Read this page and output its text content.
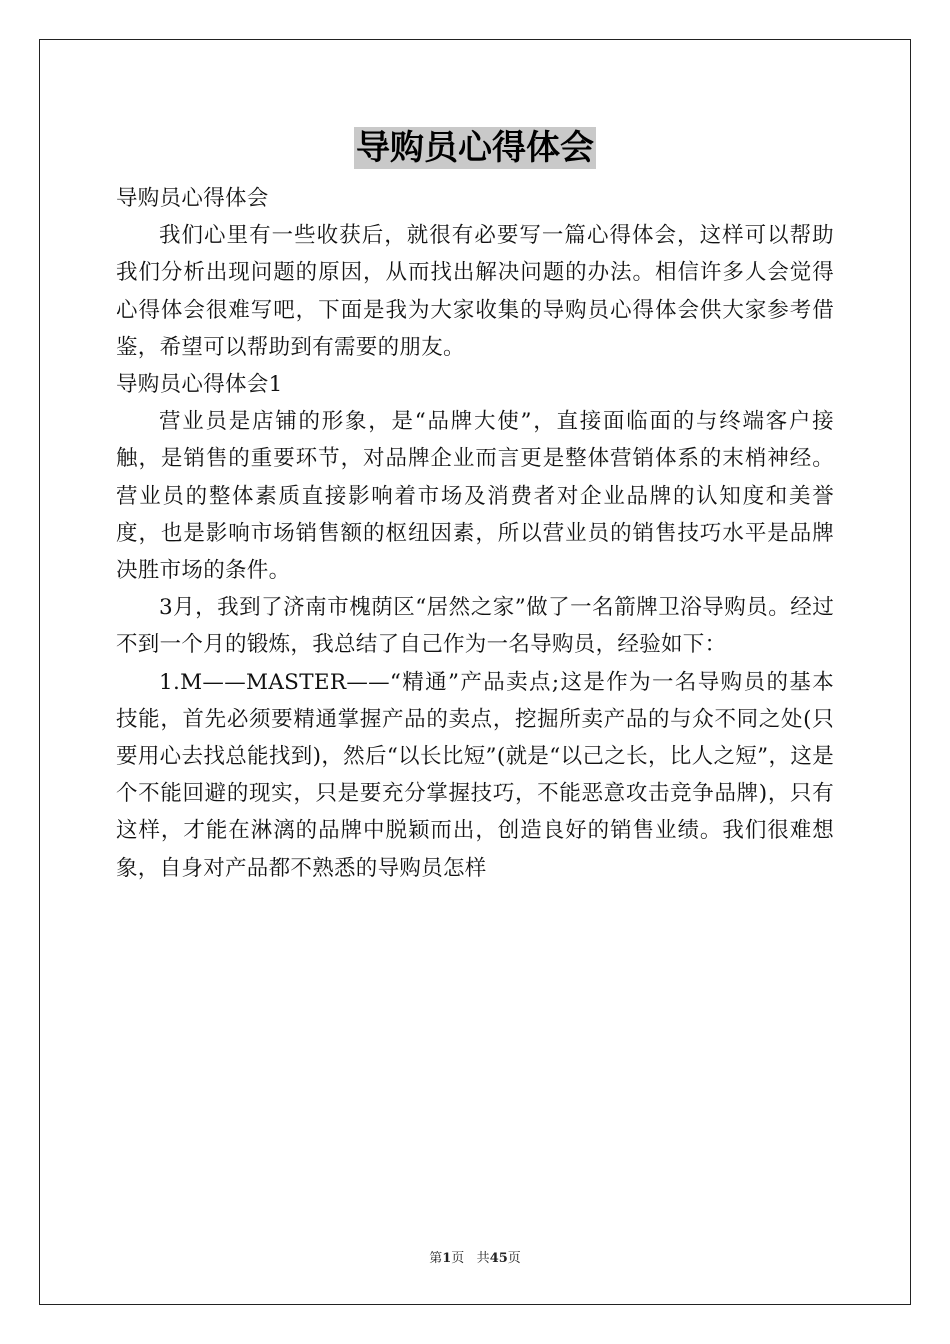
导购员心得体会

导购员心得体会

我们心里有一些收获后，就很有必要写一篇心得体会，这样可以帮助我们分析出现问题的原因，从而找出解决问题的办法。相信许多人会觉得心得体会很难写吧，下面是我为大家收集的导购员心得体会供大家参考借鉴，希望可以帮助到有需要的朋友。

导购员心得体会1

营业员是店铺的形象，是“品牌大使”，直接面临面的与终端客户接触，是销售的重要环节，对品牌企业而言更是整体营销体系的末梢神经。营业员的整体素质直接影响着市场及消费者对企业品牌的认知度和美誉度，也是影响市场销售额的枢纽因素，所以营业员的销售技巧水平是品牌决胜市场的条件。

3月，我到了济南市槐荫区“居然之家”做了一名箭牌卫浴导购员。经过不到一个月的锻炼，我总结了自己作为一名导购员，经验如下：

1.M——MASTER——“精通”产品卖点;这是作为一名导购员的基本技能，首先必须要精通掌握产品的卖点，挖掘所卖产品的与众不同之处(只要用心去找总能找到)，然后“以长比短”(就是“以己之长，比人之短”，这是个不能回避的现实，只是要充分掌握技巧，不能恶意攻击竞争品牌)，只有这样，才能在淋漓的品牌中脱颖而出，创造良好的销售业绩。我们很难想象，自身对产品都不熟悉的导购员怎样

第1页 共45页
